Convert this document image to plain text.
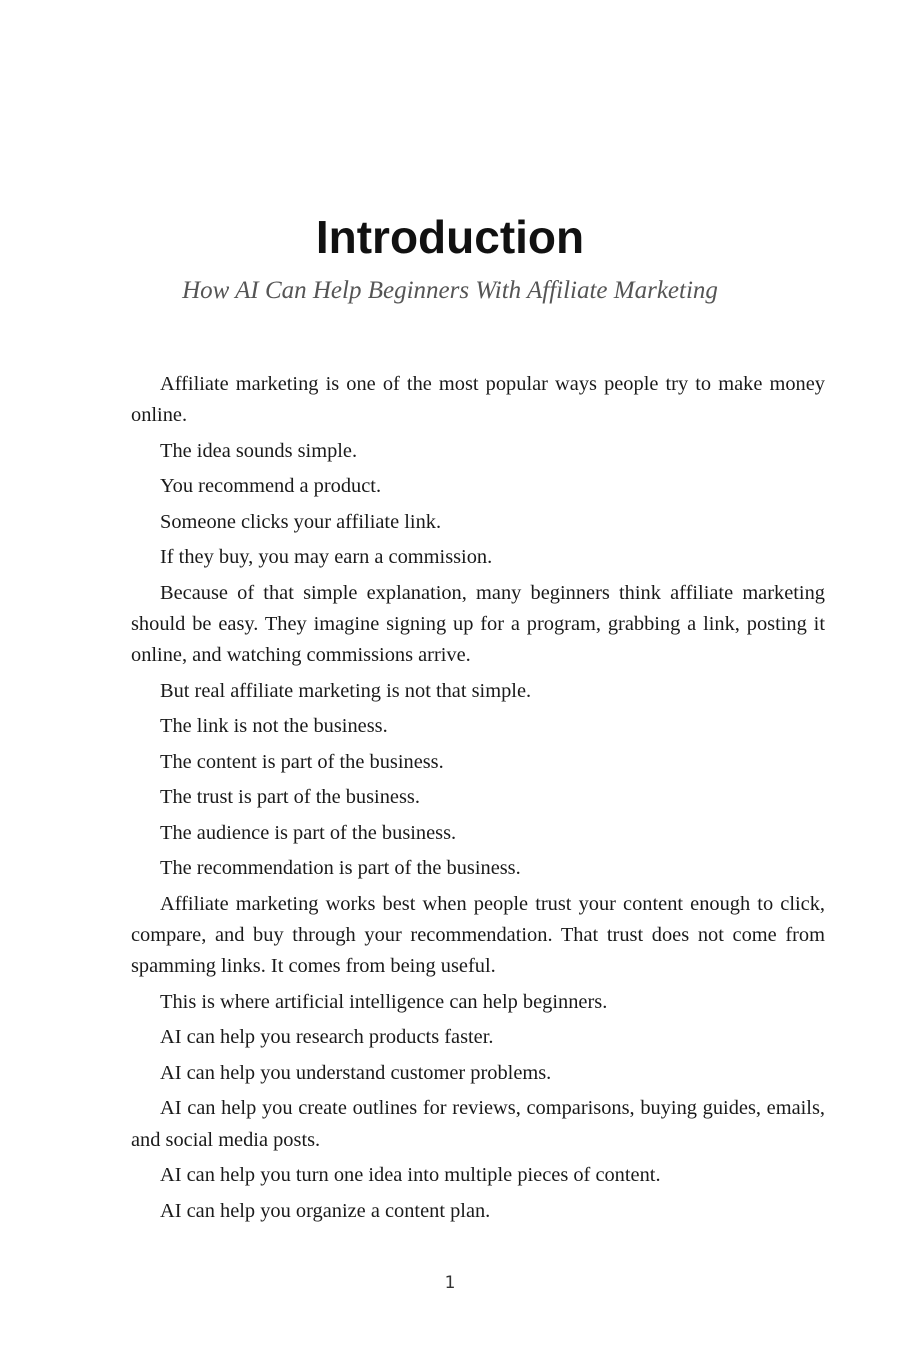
Introduction
How AI Can Help Beginners With Affiliate Marketing

Affiliate marketing is one of the most popular ways people try to make money online.

The idea sounds simple.

You recommend a product.

Someone clicks your affiliate link.

If they buy, you may earn a commission.

Because of that simple explanation, many beginners think affiliate marketing should be easy. They imagine signing up for a program, grabbing a link, posting it online, and watching commissions arrive.

But real affiliate marketing is not that simple.

The link is not the business.

The content is part of the business.

The trust is part of the business.

The audience is part of the business.

The recommendation is part of the business.

Affiliate marketing works best when people trust your content enough to click, compare, and buy through your recommendation. That trust does not come from spamming links. It comes from being useful.

This is where artificial intelligence can help beginners.

AI can help you research products faster.

AI can help you understand customer problems.

AI can help you create outlines for reviews, comparisons, buying guides, emails, and social media posts.

AI can help you turn one idea into multiple pieces of content.

AI can help you organize a content plan.

1
